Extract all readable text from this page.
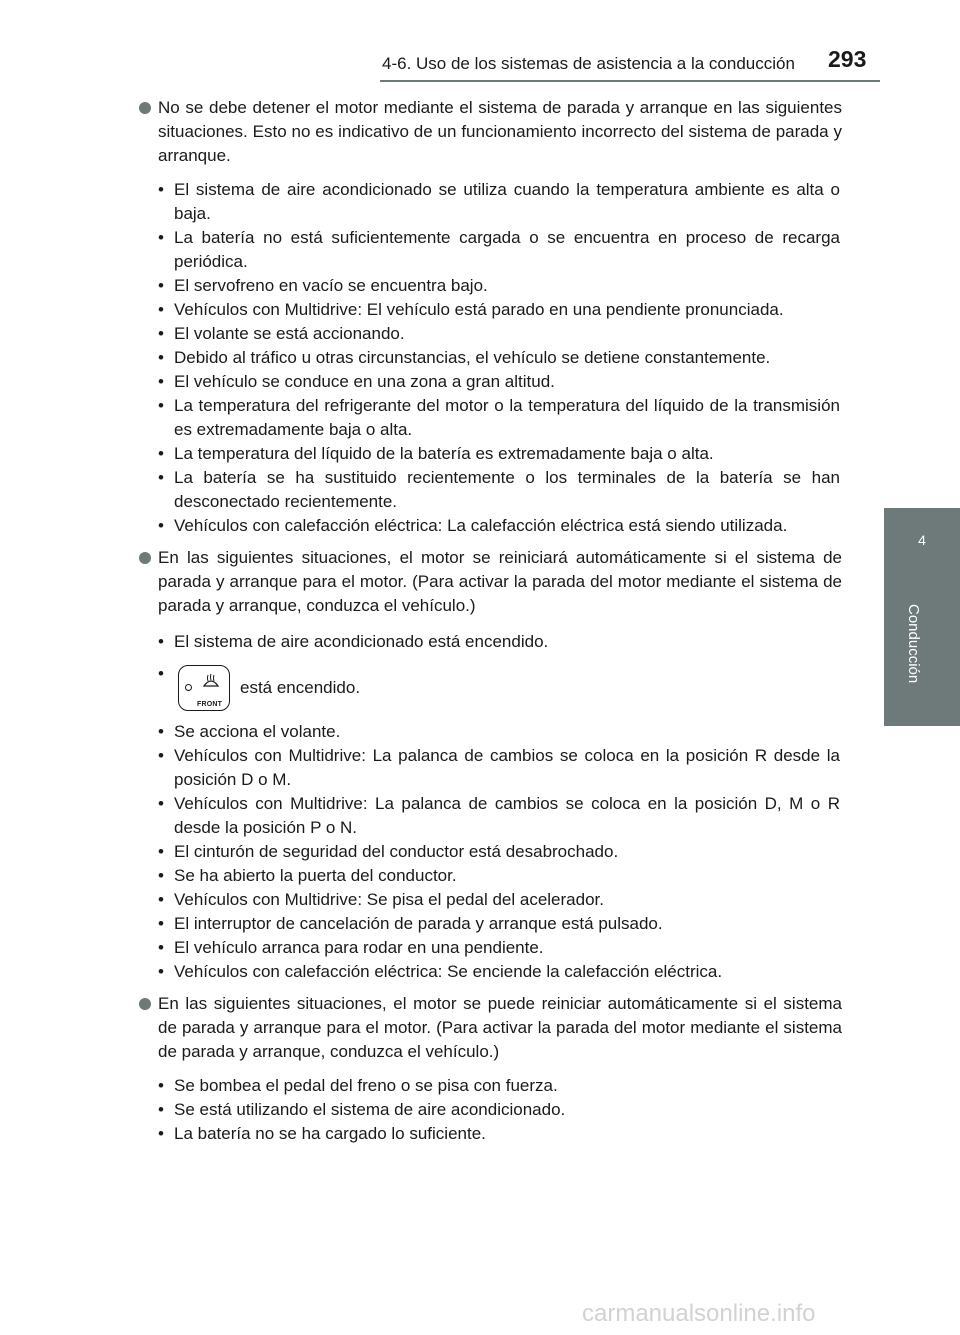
4-6. Uso de los sistemas de asistencia a la conducción 293
4
Conducción
No se debe detener el motor mediante el sistema de parada y arranque en las siguientes situaciones. Esto no es indicativo de un funcionamiento incorrecto del sistema de parada y arranque.
• El sistema de aire acondicionado se utiliza cuando la temperatura ambiente es alta o baja.
• La batería no está suficientemente cargada o se encuentra en proceso de recarga periódica.
• El servofreno en vacío se encuentra bajo.
• Vehículos con Multidrive: El vehículo está parado en una pendiente pronunciada.
• El volante se está accionando.
• Debido al tráfico u otras circunstancias, el vehículo se detiene constantemente.
• El vehículo se conduce en una zona a gran altitud.
• La temperatura del refrigerante del motor o la temperatura del líquido de la transmisión es extremadamente baja o alta.
• La temperatura del líquido de la batería es extremadamente baja o alta.
• La batería se ha sustituido recientemente o los terminales de la batería se han desconectado recientemente.
• Vehículos con calefacción eléctrica: La calefacción eléctrica está siendo utilizada.
En las siguientes situaciones, el motor se reiniciará automáticamente si el sistema de parada y arranque para el motor. (Para activar la parada del motor mediante el sistema de parada y arranque, conduzca el vehículo.)
• El sistema de aire acondicionado está encendido.
• FRONT
está encendido.
• Se acciona el volante.
• Vehículos con Multidrive: La palanca de cambios se coloca en la posición R desde la posición D o M.
• Vehículos con Multidrive: La palanca de cambios se coloca en la posición D, M o R desde la posición P o N.
• El cinturón de seguridad del conductor está desabrochado.
• Se ha abierto la puerta del conductor.
• Vehículos con Multidrive: Se pisa el pedal del acelerador.
• El interruptor de cancelación de parada y arranque está pulsado.
• El vehículo arranca para rodar en una pendiente.
• Vehículos con calefacción eléctrica: Se enciende la calefacción eléctrica.
En las siguientes situaciones, el motor se puede reiniciar automáticamente si el sistema de parada y arranque para el motor. (Para activar la parada del motor mediante el sistema de parada y arranque, conduzca el vehículo.)
• Se bombea el pedal del freno o se pisa con fuerza.
• Se está utilizando el sistema de aire acondicionado.
• La batería no se ha cargado lo suficiente.
carmanualsonline.info
